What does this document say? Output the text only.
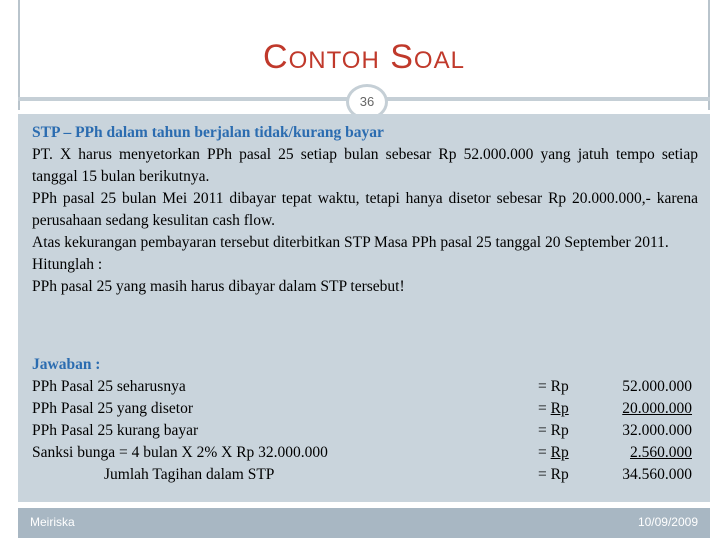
Contoh Soal
36

STP – PPh dalam tahun berjalan tidak/kurang bayar

PT. X harus menyetorkan PPh pasal 25 setiap bulan sebesar Rp 52.000.000 yang jatuh tempo setiap tanggal 15 bulan berikutnya.

PPh pasal 25 bulan Mei 2011 dibayar tepat waktu, tetapi hanya disetor sebesar Rp 20.000.000,- karena perusahaan sedang kesulitan cash flow.

Atas kekurangan pembayaran tersebut diterbitkan STP Masa PPh pasal 25 tanggal 20 September 2011.

Hitunglah :

PPh pasal 25 yang masih harus dibayar dalam STP tersebut!

Jawaban :
PPh Pasal 25 seharusnya	= Rp	52.000.000
PPh Pasal 25 yang disetor	= Rp	20.000.000
PPh Pasal 25 kurang bayar	= Rp	32.000.000
Sanksi bunga = 4 bulan X 2% X Rp 32.000.000	= Rp	2.560.000
Jumlah Tagihan dalam STP	= Rp	34.560.000
Meiriska	10/09/2009
